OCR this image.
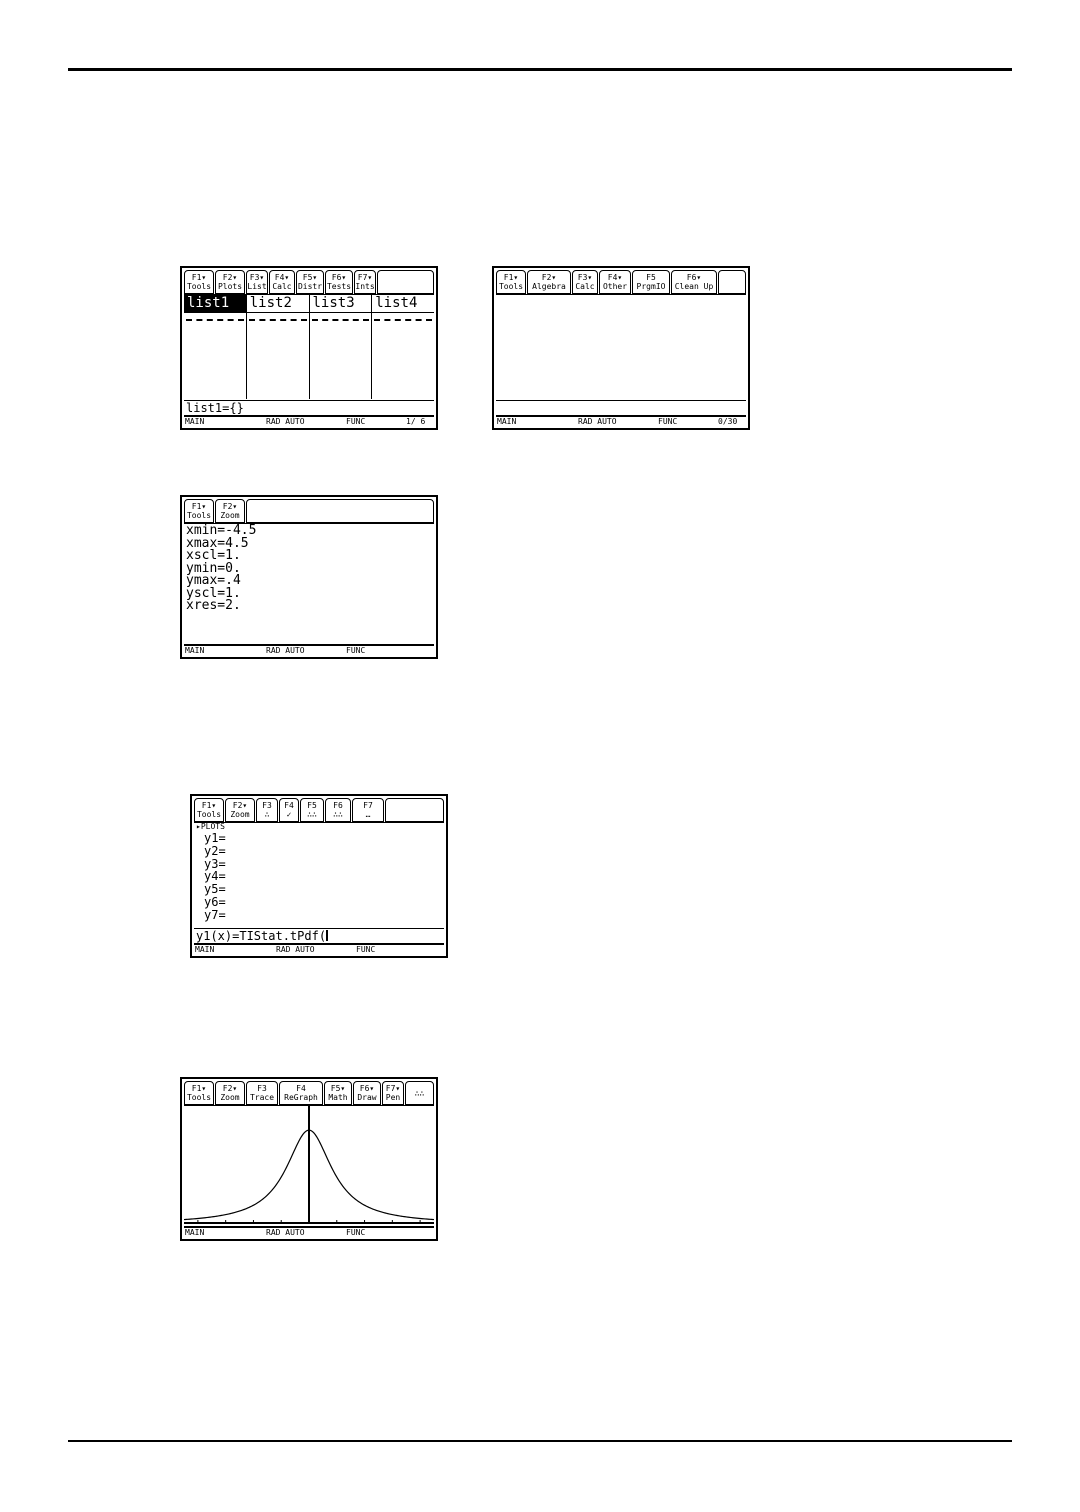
F1▾
Tools
F2▾
Plots
F3▾
List
F4▾
Calc
F5▾
Distr
F6▾
Tests
F7▾
Ints
list1	list2	list3	list4
list1={}
MAIN	RAD AUTO	FUNC	1/ 6
F1▾
Tools
F2▾
Algebra
F3▾
Calc
F4▾
Other
F5
PrgmIO
F6▾
Clean Up
MAIN	RAD AUTO	FUNC	0/30
F1▾
Tools
F2▾
Zoom
xmin=-4.5
xmax=4.5
xscl=1.
ymin=0.
ymax=.4
yscl=1.
xres=2.
MAIN	RAD AUTO	FUNC
F1▾
Tools
F2▾
Zoom
F3
∴
F4
✓
F5
∴∴
F6
∴∴
F7
…
▸PLOTS
y1=
y2=
y3=
y4=
y5=
y6=
y7=
y1(x)=TIStat.tPdf(
MAIN	RAD AUTO	FUNC
F1▾
Tools
F2▾
Zoom
F3
Trace
F4
ReGraph
F5▾
Math
F6▾
Draw
F7▾
Pen ∴∴
MAIN	RAD AUTO	FUNC
